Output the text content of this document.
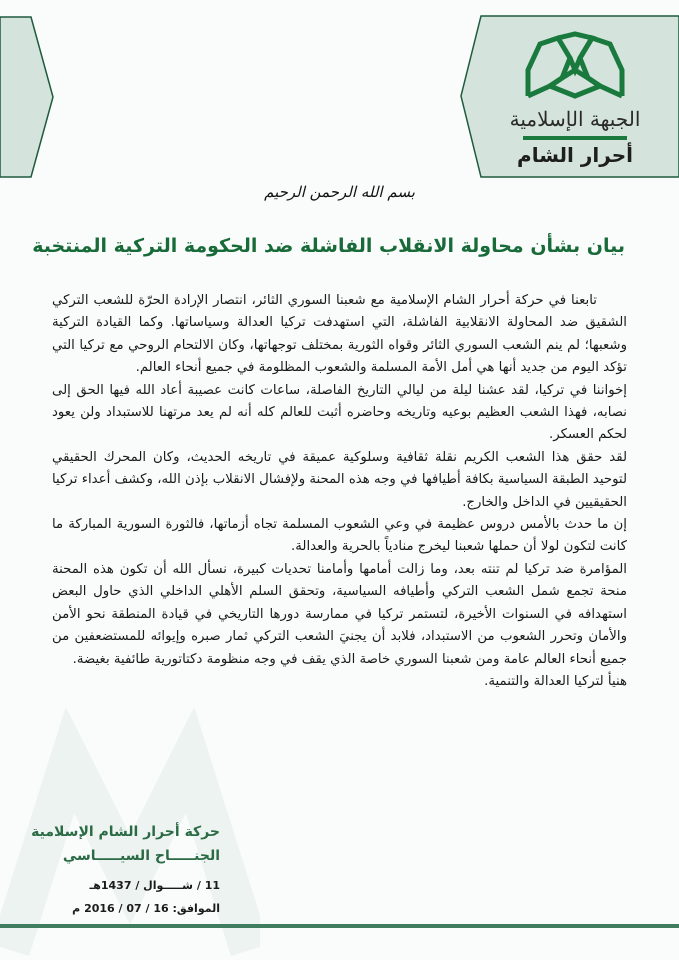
الجبهة الإسلامية
أحرار الشام
بسم الله الرحمن الرحيم
بيان بشأن محاولة الانقلاب الفاشلة ضد الحكومة التركية المنتخبة

تابعنا في حركة أحرار الشام الإسلامية مع شعبنا السوري الثائر، انتصار الإرادة الحرّة للشعب التركي الشقيق ضد المحاولة الانقلابية الفاشلة، التي استهدفت تركيا العدالة وسياساتها. وكما القيادة التركية وشعبها؛ لم ينم الشعب السوري الثائر وقواه الثورية بمختلف توجهاتها، وكان الالتحام الروحي مع تركيا التي تؤكد اليوم من جديد أنها هي أمل الأمة المسلمة والشعوب المظلومة في جميع أنحاء العالم.

إخواننا في تركيا، لقد عشنا ليلة من ليالي التاريخ الفاصلة، ساعات كانت عصيبة أعاد الله فيها الحق إلى نصابه، فهذا الشعب العظيم بوعيه وتاريخه وحاضره أثبت للعالم كله أنه لم يعد مرتهنا للاستبداد ولن يعود لحكم العسكر.

لقد حقق هذا الشعب الكريم نقلة ثقافية وسلوكية عميقة في تاريخه الحديث، وكان المحرك الحقيقي لتوحيد الطبقة السياسية بكافة أطيافها في وجه هذه المحنة ولإفشال الانقلاب بإذن الله، وكشف أعداء تركيا الحقيقيين في الداخل والخارج.

إن ما حدث بالأمس دروس عظيمة في وعي الشعوب المسلمة تجاه أزماتها، فالثورة السورية المباركة ما كانت لتكون لولا أن حملها شعبنا ليخرج منادياً بالحرية والعدالة.

المؤامرة ضد تركيا لم تنته بعد، وما زالت أمامها وأمامنا تحديات كبيرة، نسأل الله أن تكون هذه المحنة منحة تجمع شمل الشعب التركي وأطيافه السياسية، وتحقق السلم الأهلي الداخلي الذي حاول البعض استهدافه في السنوات الأخيرة، لتستمر تركيا في ممارسة دورها التاريخي في قيادة المنطقة نحو الأمن والأمان وتحرر الشعوب من الاستبداد، فلابد أن يجنيَ الشعب التركي ثمار صبره وإيوائه للمستضعفين من جميع أنحاء العالم عامة ومن شعبنا السوري خاصة الذي يقف في وجه منظومة دكتاتورية طائفية بغيضة.

هنيأ لتركيا العدالة والتنمية.

حركة أحرار الشام الإسلامية
الجنـــــاح السيـــــاسي
11 / شـــــوال / 1437هـ
الموافق: 16 / 07 / 2016 م
